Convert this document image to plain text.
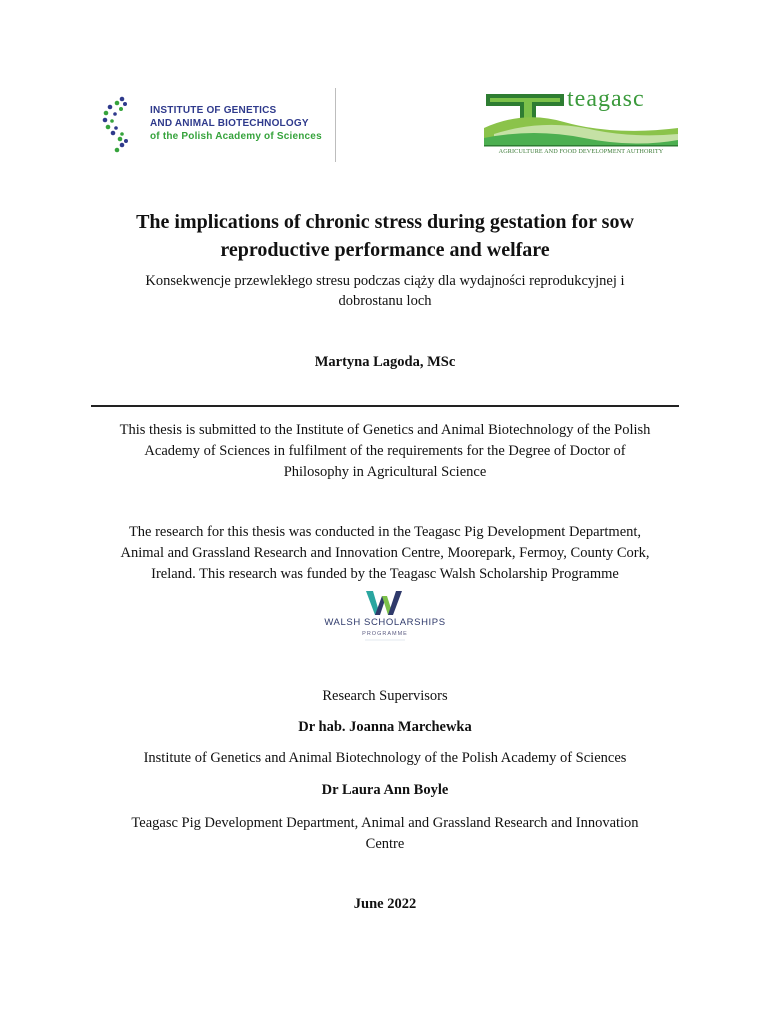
INSTITUTE OF GENETICS
AND ANIMAL BIOTECHNOLOGY
of the Polish Academy of Sciences
teagasc
AGRICULTURE AND FOOD DEVELOPMENT AUTHORITY
The implications of chronic stress during gestation for sow
reproductive performance and welfare
Konsekwencje przewlekłego stresu podczas ciąży dla wydajności reprodukcyjnej i
dobrostanu loch
Martyna Lagoda, MSc
This thesis is submitted to the Institute of Genetics and Animal Biotechnology of the Polish
Academy of Sciences in fulfilment of the requirements for the Degree of Doctor of
Philosophy in Agricultural Science
The research for this thesis was conducted in the Teagasc Pig Development Department,
Animal and Grassland Research and Innovation Centre, Moorepark, Fermoy, County Cork,
Ireland. This research was funded by the Teagasc Walsh Scholarship Programme
WALSH SCHOLARSHIPS
PROGRAMME
Research Supervisors
Dr hab. Joanna Marchewka
Institute of Genetics and Animal Biotechnology of the Polish Academy of Sciences
Dr Laura Ann Boyle
Teagasc Pig Development Department, Animal and Grassland Research and Innovation
Centre
June 2022
